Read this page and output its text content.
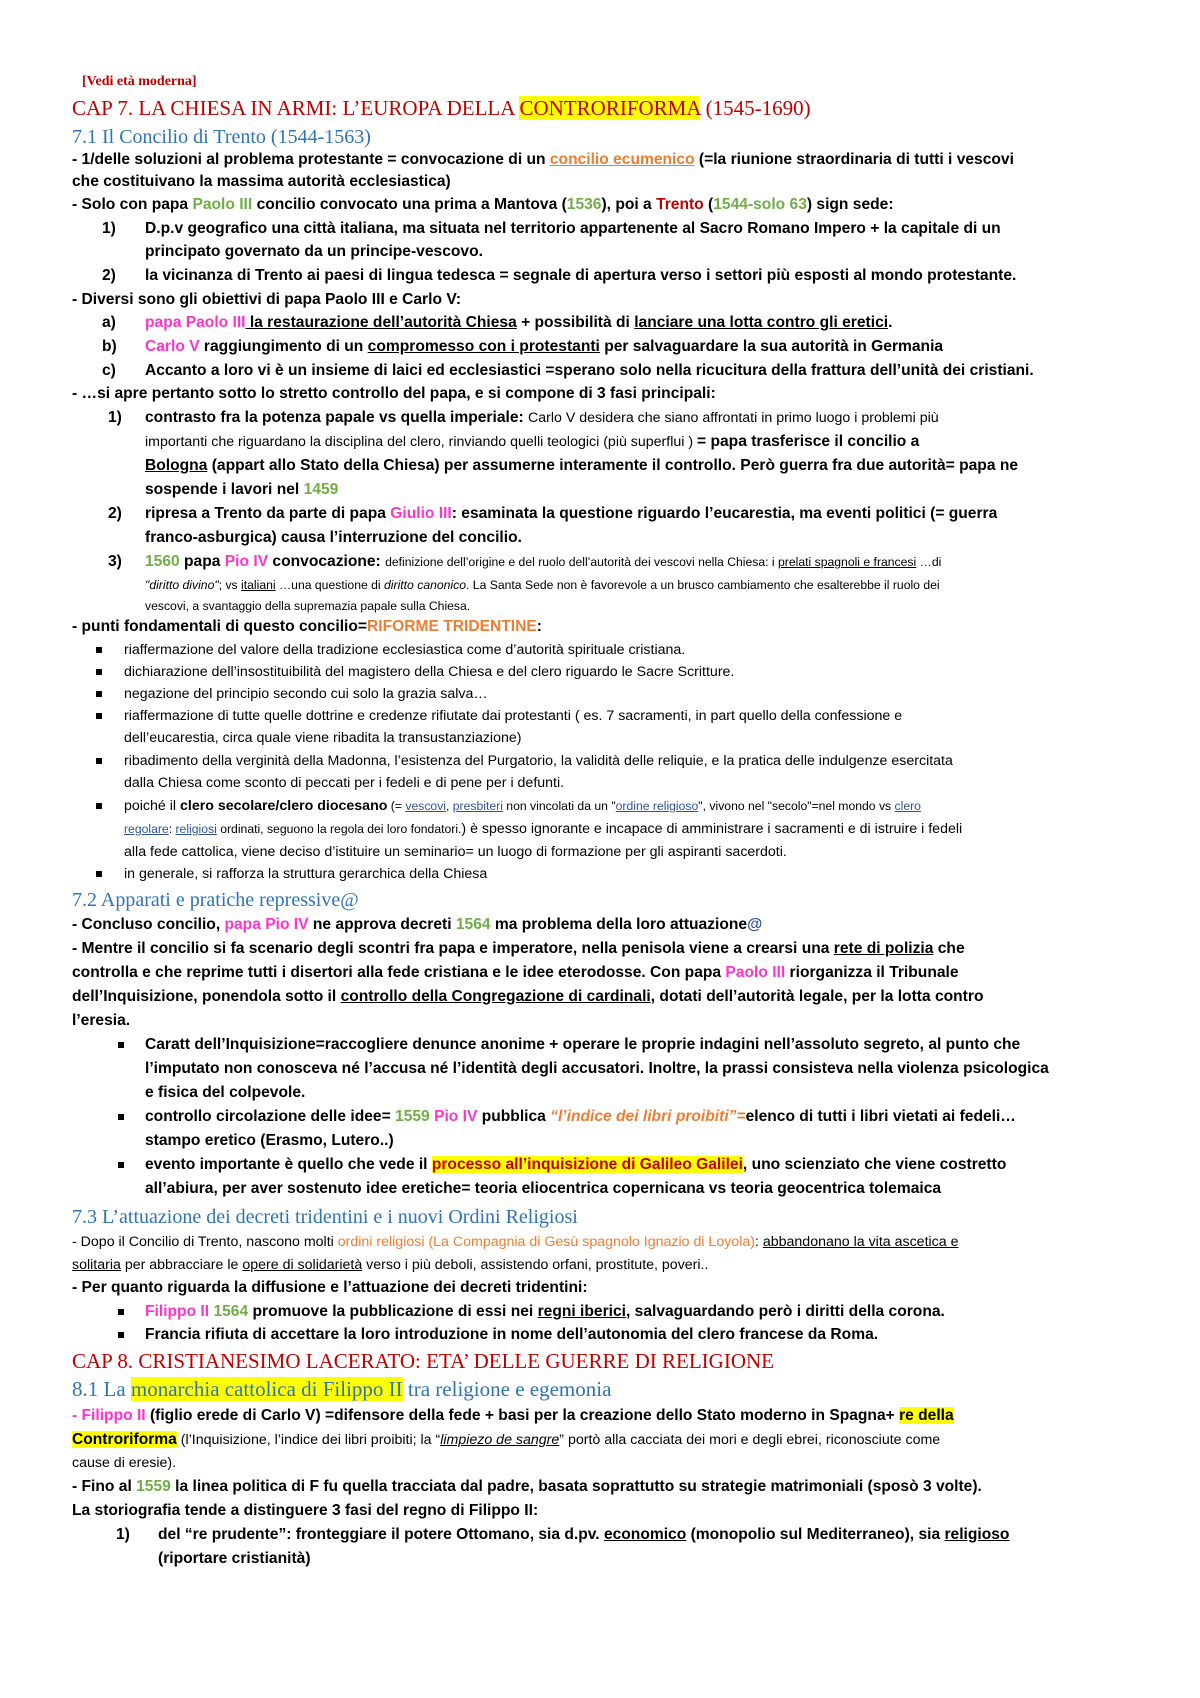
[Vedi età moderna]
CAP 7. LA CHIESA IN ARMI: L’EUROPA DELLA CONTRORIFORMA (1545-1690)
7.1 Il Concilio di Trento (1544-1563)
- 1/delle soluzioni al problema protestante = convocazione di un concilio ecumenico (=la riunione straordinaria di tutti i vescovi
che costituivano la massima autorità ecclesiastica)
- Solo con papa Paolo III concilio convocato una prima a Mantova (1536), poi a Trento (1544-solo 63) sign sede:
1) D.p.v geografico una città italiana, ma situata nel territorio appartenente al Sacro Romano Impero + la capitale di un
principato governato da un principe-vescovo.
2) la vicinanza di Trento ai paesi di lingua tedesca = segnale di apertura verso i settori più esposti al mondo protestante.
- Diversi sono gli obiettivi di papa Paolo III e Carlo V:
a) papa Paolo III la restaurazione dell’autorità Chiesa + possibilità di lanciare una lotta contro gli eretici.
b) Carlo V raggiungimento di un compromesso con i protestanti per salvaguardare la sua autorità in Germania
c) Accanto a loro vi è un insieme di laici ed ecclesiastici =sperano solo nella ricucitura della frattura dell’unità dei cristiani.
- …si apre pertanto sotto lo stretto controllo del papa, e si compone di 3 fasi principali:
1) contrasto fra la potenza papale vs quella imperiale: Carlo V desidera che siano affrontati in primo luogo i problemi più
importanti che riguardano la disciplina del clero, rinviando quelli teologici (più superflui ) = papa trasferisce il concilio a
Bologna (appart allo Stato della Chiesa) per assumerne interamente il controllo. Però guerra fra due autorità= papa ne
sospende i lavori nel 1459
2) ripresa a Trento da parte di papa Giulio III: esaminata la questione riguardo l’eucarestia, ma eventi politici (= guerra
franco-asburgica) causa l’interruzione del concilio.
3) 1560 papa Pio IV convocazione: definizione dell’origine e del ruolo dell’autorità dei vescovi nella Chiesa: i prelati spagnoli e francesi …di
"diritto divino"; vs italiani …una questione di diritto canonico. La Santa Sede non è favorevole a un brusco cambiamento che esalterebbe il ruolo dei
vescovi, a svantaggio della supremazia papale sulla Chiesa.
- punti fondamentali di questo concilio=RIFORME TRIDENTINE:
riaffermazione del valore della tradizione ecclesiastica come d’autorità spirituale cristiana.
dichiarazione dell’insostituibilità del magistero della Chiesa e del clero riguardo le Sacre Scritture.
negazione del principio secondo cui solo la grazia salva…
riaffermazione di tutte quelle dottrine e credenze rifiutate dai protestanti ( es. 7 sacramenti, in part quello della confessione e
dell’eucarestia, circa quale viene ribadita la transustanziazione)
ribadimento della verginità della Madonna, l’esistenza del Purgatorio, la validità delle reliquie, e la pratica delle indulgenze esercitata
dalla Chiesa come sconto di peccati per i fedeli e di pene per i defunti.
poiché il clero secolare/clero diocesano (= vescovi, presbiteri non vincolati da un "ordine religioso", vivono nel "secolo"=nel mondo vs clero
regolare: religiosi ordinati, seguono la regola dei loro fondatori.) è spesso ignorante e incapace di amministrare i sacramenti e di istruire i fedeli
alla fede cattolica, viene deciso d’istituire un seminario= un luogo di formazione per gli aspiranti sacerdoti.
in generale, si rafforza la struttura gerarchica della Chiesa
7.2 Apparati e pratiche repressive@
- Concluso concilio, papa Pio IV ne approva decreti 1564 ma problema della loro attuazione@
- Mentre il concilio si fa scenario degli scontri fra papa e imperatore, nella penisola viene a crearsi una rete di polizia che
controlla e che reprime tutti i disertori alla fede cristiana e le idee eterodosse. Con papa Paolo III riorganizza il Tribunale
dell’Inquisizione, ponendola sotto il controllo della Congregazione di cardinali, dotati dell’autorità legale, per la lotta contro
l’eresia.
Caratt dell’Inquisizione=raccogliere denunce anonime + operare le proprie indagini nell’assoluto segreto, al punto che
l’imputato non conosceva né l’accusa né l’identità degli accusatori. Inoltre, la prassi consisteva nella violenza psicologica
e fisica del colpevole.
controllo circolazione delle idee= 1559 Pio IV pubblica “l’indice dei libri proibiti”=elenco di tutti i libri vietati ai fedeli…
stampo eretico (Erasmo, Lutero..)
evento importante è quello che vede il processo all’inquisizione di Galileo Galilei, uno scienziato che viene costretto
all’abiura, per aver sostenuto idee eretiche= teoria eliocentrica copernicana vs teoria geocentrica tolemaica
7.3 L’attuazione dei decreti tridentini e i nuovi Ordini Religiosi
- Dopo il Concilio di Trento, nascono molti ordini religiosi (La Compagnia di Gesù spagnolo Ignazio di Loyola): abbandonano la vita ascetica e
solitaria per abbracciare le opere di solidarietà verso i più deboli, assistendo orfani, prostitute, poveri..
- Per quanto riguarda la diffusione e l’attuazione dei decreti tridentini:
Filippo II 1564 promuove la pubblicazione di essi nei regni iberici, salvaguardando però i diritti della corona.
Francia rifiuta di accettare la loro introduzione in nome dell’autonomia del clero francese da Roma.
CAP 8. CRISTIANESIMO LACERATO: ETA’ DELLE GUERRE DI RELIGIONE
8.1 La monarchia cattolica di Filippo II tra religione e egemonia
- Filippo II (figlio erede di Carlo V) =difensore della fede + basi per la creazione dello Stato moderno in Spagna+ re della
Controriforma (l’Inquisizione, l’indice dei libri proibiti; la “limpiezo de sangre” portò alla cacciata dei mori e degli ebrei, riconosciute come
cause di eresie).
- Fino al 1559 la linea politica di F fu quella tracciata dal padre, basata soprattutto su strategie matrimoniali (sposò 3 volte).
La storiografia tende a distinguere 3 fasi del regno di Filippo II:
1) del “re prudente”: fronteggiare il potere Ottomano, sia d.pv. economico (monopolio sul Mediterraneo), sia religioso
(riportare cristianità)
